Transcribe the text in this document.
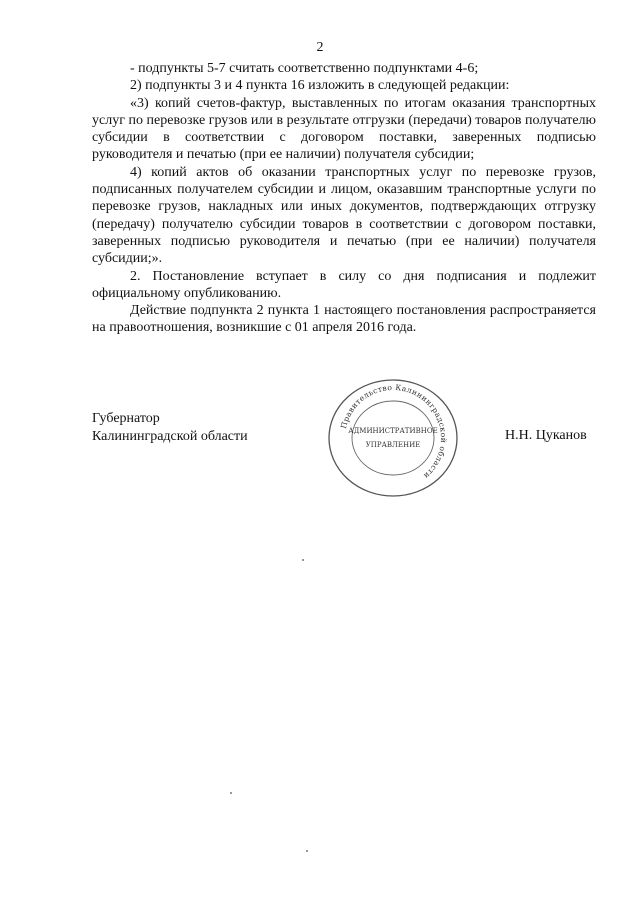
2

- подпункты 5-7 считать соответственно подпунктами 4-6;

2) подпункты 3 и 4 пункта 16 изложить в следующей редакции:

«3) копий счетов-фактур, выставленных по итогам оказания транспортных услуг по перевозке грузов или в результате отгрузки (передачи) товаров получателю субсидии в соответствии с договором поставки, заверенных подписью руководителя и печатью (при ее наличии) получателя субсидии;

4) копий актов об оказании транспортных услуг по перевозке грузов, подписанных получателем субсидии и лицом, оказавшим транспортные услуги по перевозке грузов, накладных или иных документов, подтверждающих отгрузку (передачу) получателю субсидии товаров в соответствии с договором поставки, заверенных подписью руководителя и печатью (при ее наличии) получателя субсидии;».

2. Постановление вступает в силу со дня подписания и подлежит официальному опубликованию.

Действие подпункта 2 пункта 1 настоящего постановления распространяется на правоотношения, возникшие с 01 апреля 2016 года.

Губернатор
Калининградской области
Правительство Калининградской области
АДМИНИСТРАТИВНОЕ
УПРАВЛЕНИЕ
Н.Н. Цуканов
